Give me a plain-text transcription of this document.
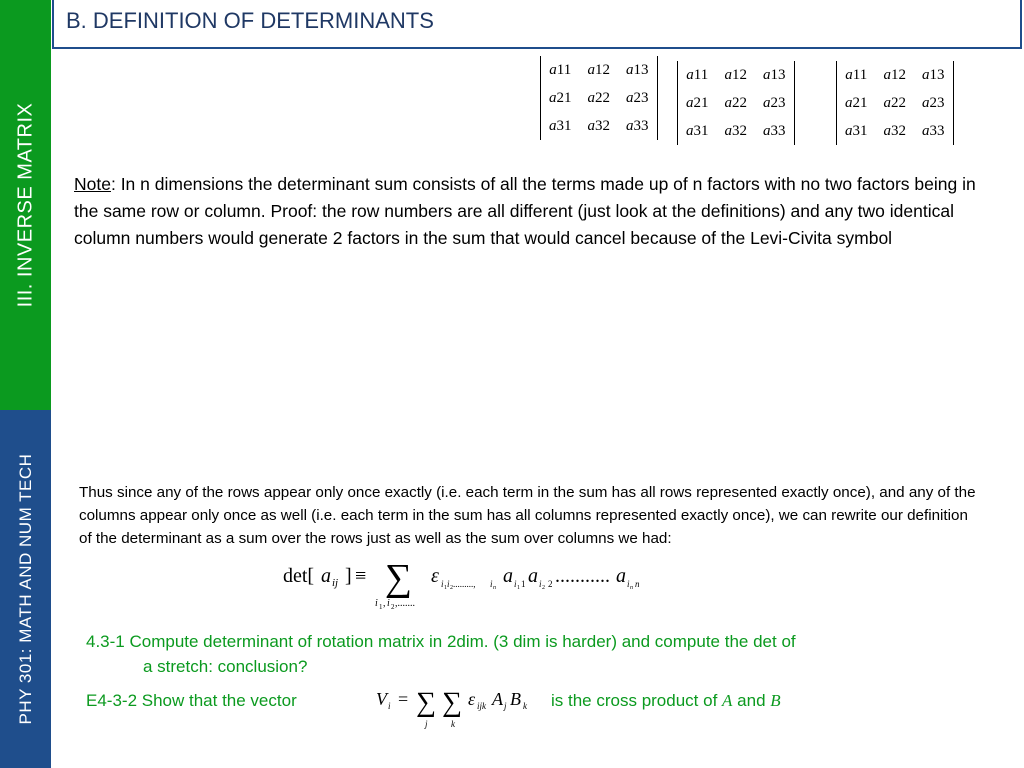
III. INVERSE MATRIX
PHY 301: MATH AND NUM TECH
B. DEFINITION OF DETERMINANTS
a11	a12	a13
a21	a22	a23
a31	a32	a33
a11	a12	a13
a21	a22	a23
a31	a32	a33
a11	a12	a13
a21	a22	a23
a31	a32	a33
Note: In n dimensions the determinant sum consists of all the terms made up of n factors with no two factors being in the same row or column. Proof: the row numbers are all different (just look at the definitions) and any two identical column numbers would generate 2 factors in the sum that would cancel because of the Levi-Civita symbol
Thus since any of the rows appear only once exactly (i.e. each term in the sum has all rows represented exactly once), and any of the columns appear only once as well (i.e. each term in the sum has all columns represented exactly once), we can rewrite our definition of the determinant as a sum over the rows just as well as the sum over columns we had:
det[ a ij ] ≡ ∑
i 1 , i 2 ,.......
ε i 1 i 2 ........., i n
a i 1 1 a i 2 2 ........... a i n n
4.3-1 Compute determinant of rotation matrix in 2dim. (3 dim is harder) and compute the det of
a stretch: conclusion?
E4-3-2 Show that the vector	V i = ∑
j
∑
k
ε ijk A j B k is the cross product of A and B
